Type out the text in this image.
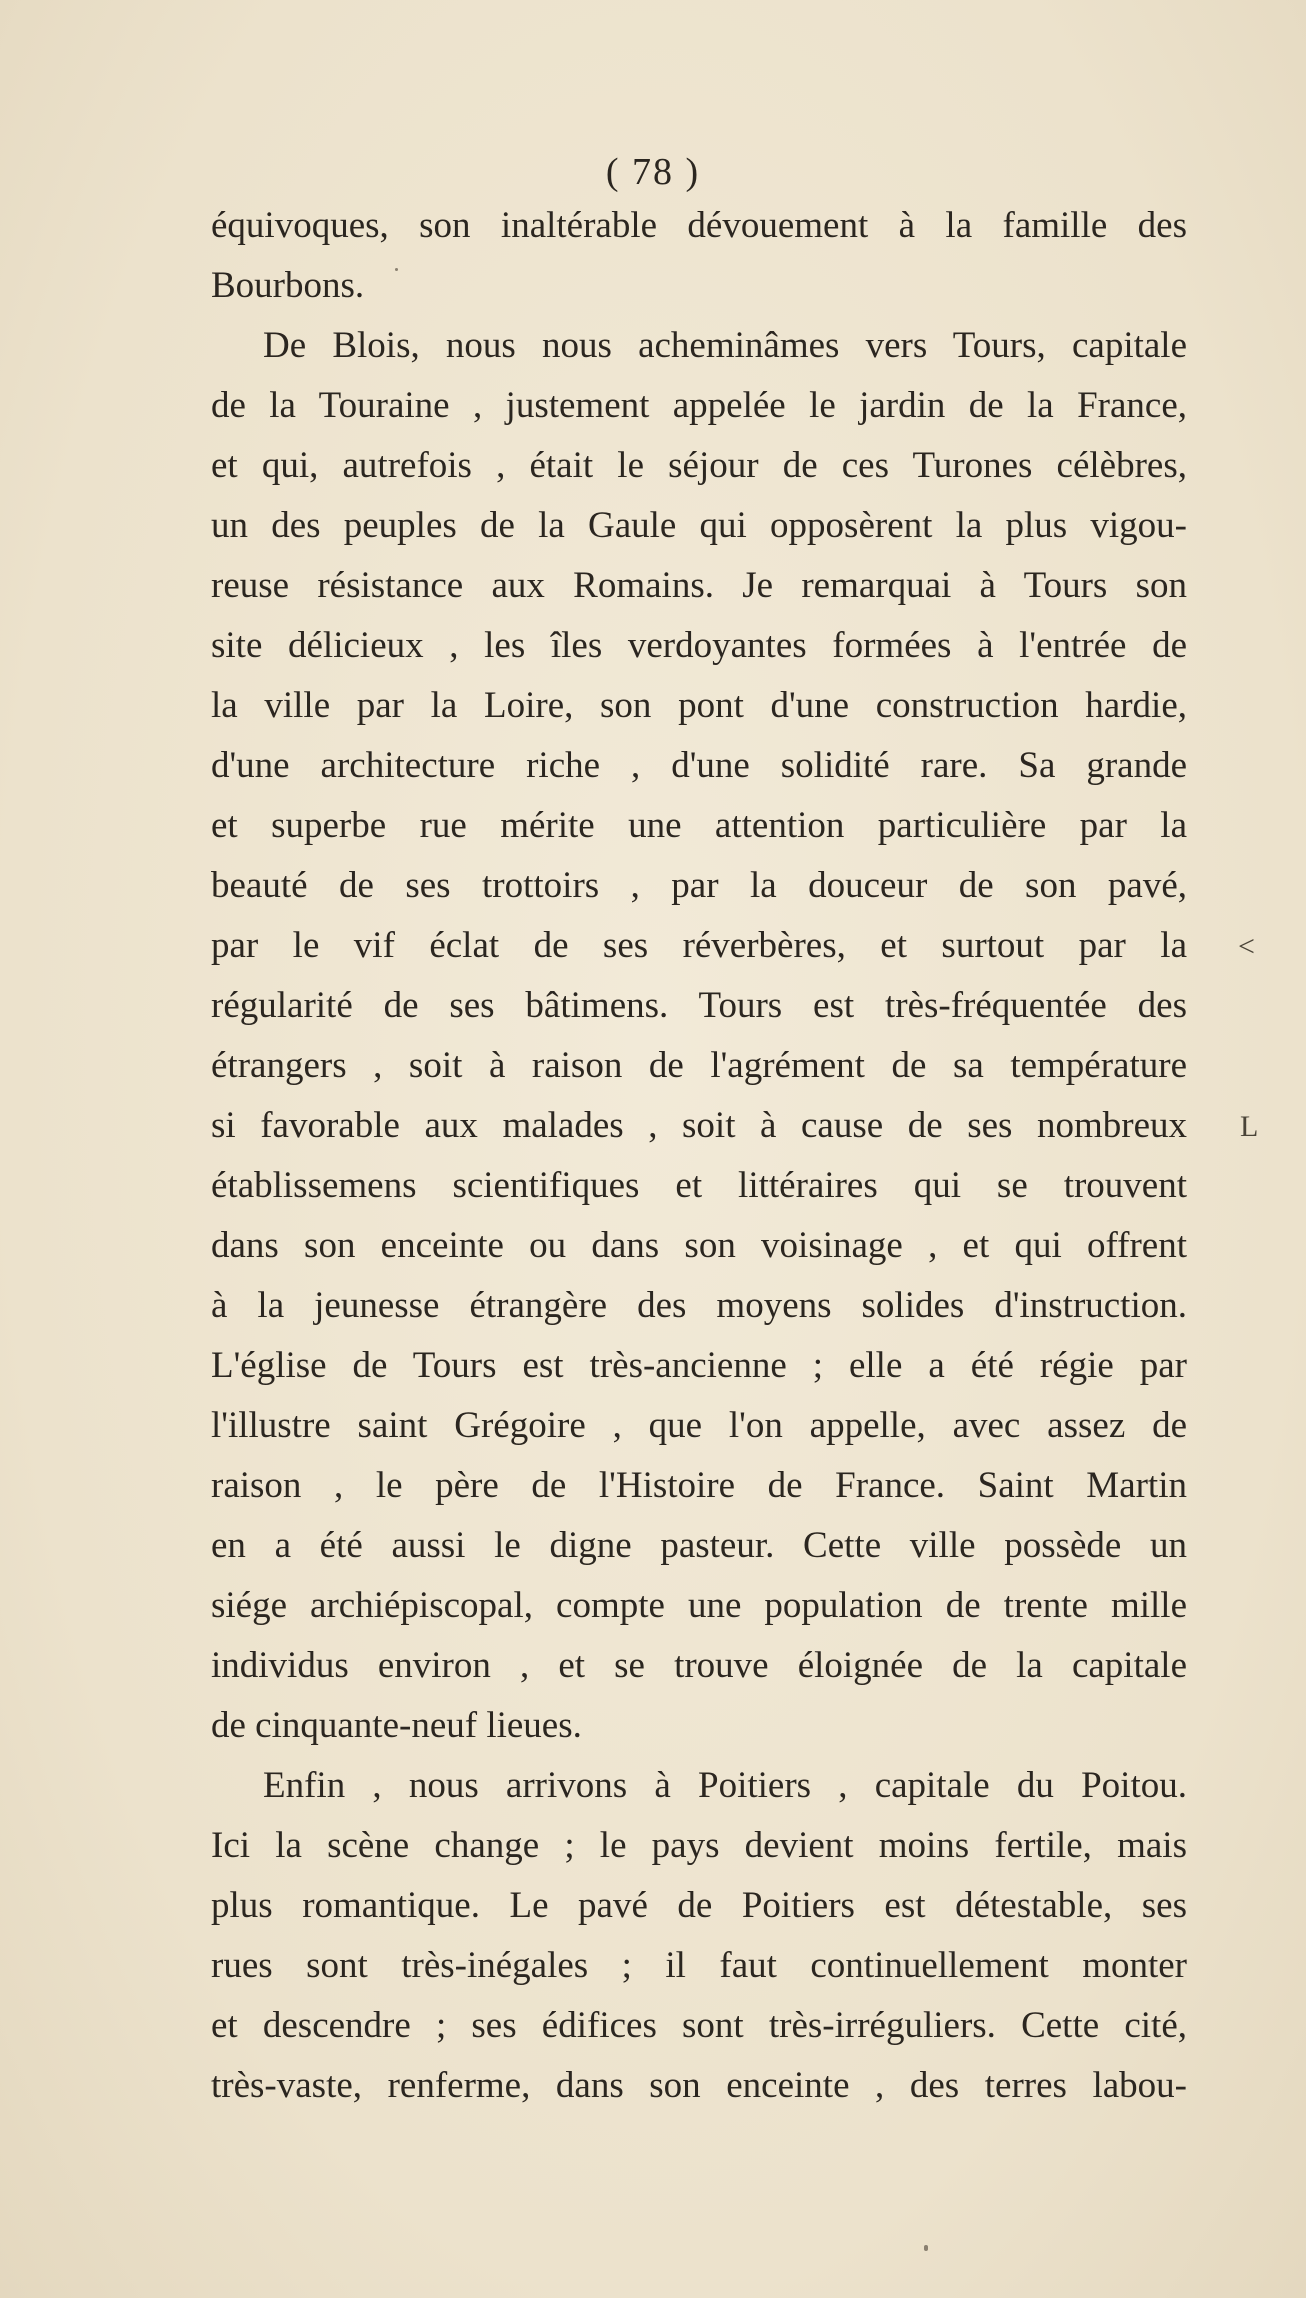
( 78 )
équivoques, son inaltérable dévouement à la famille des
Bourbons.
De Blois, nous nous acheminâmes vers Tours, capitale
de la Touraine , justement appelée le jardin de la France,
et qui, autrefois , était le séjour de ces Turones célèbres,
un des peuples de la Gaule qui opposèrent la plus vigou-
reuse résistance aux Romains. Je remarquai à Tours son
site délicieux , les îles verdoyantes formées à l'entrée de
la ville par la Loire, son pont d'une construction hardie,
d'une architecture riche , d'une solidité rare. Sa grande
et superbe rue mérite une attention particulière par la
beauté de ses trottoirs , par la douceur de son pavé,
par le vif éclat de ses réverbères, et surtout par la
régularité de ses bâtimens. Tours est très-fréquentée des
étrangers , soit à raison de l'agrément de sa température
si favorable aux malades , soit à cause de ses nombreux
établissemens scientifiques et littéraires qui se trouvent
dans son enceinte ou dans son voisinage , et qui offrent
à la jeunesse étrangère des moyens solides d'instruction.
L'église de Tours est très-ancienne ; elle a été régie par
l'illustre saint Grégoire , que l'on appelle, avec assez de
raison , le père de l'Histoire de France. Saint Martin
en a été aussi le digne pasteur. Cette ville possède un
siége archiépiscopal, compte une population de trente mille
individus environ , et se trouve éloignée de la capitale
de cinquante-neuf lieues.
Enfin , nous arrivons à Poitiers , capitale du Poitou.
Ici la scène change ; le pays devient moins fertile, mais
plus romantique. Le pavé de Poitiers est détestable, ses
rues sont très-inégales ; il faut continuellement monter
et descendre ; ses édifices sont très-irréguliers. Cette cité,
très-vaste, renferme, dans son enceinte , des terres labou-
<
L
